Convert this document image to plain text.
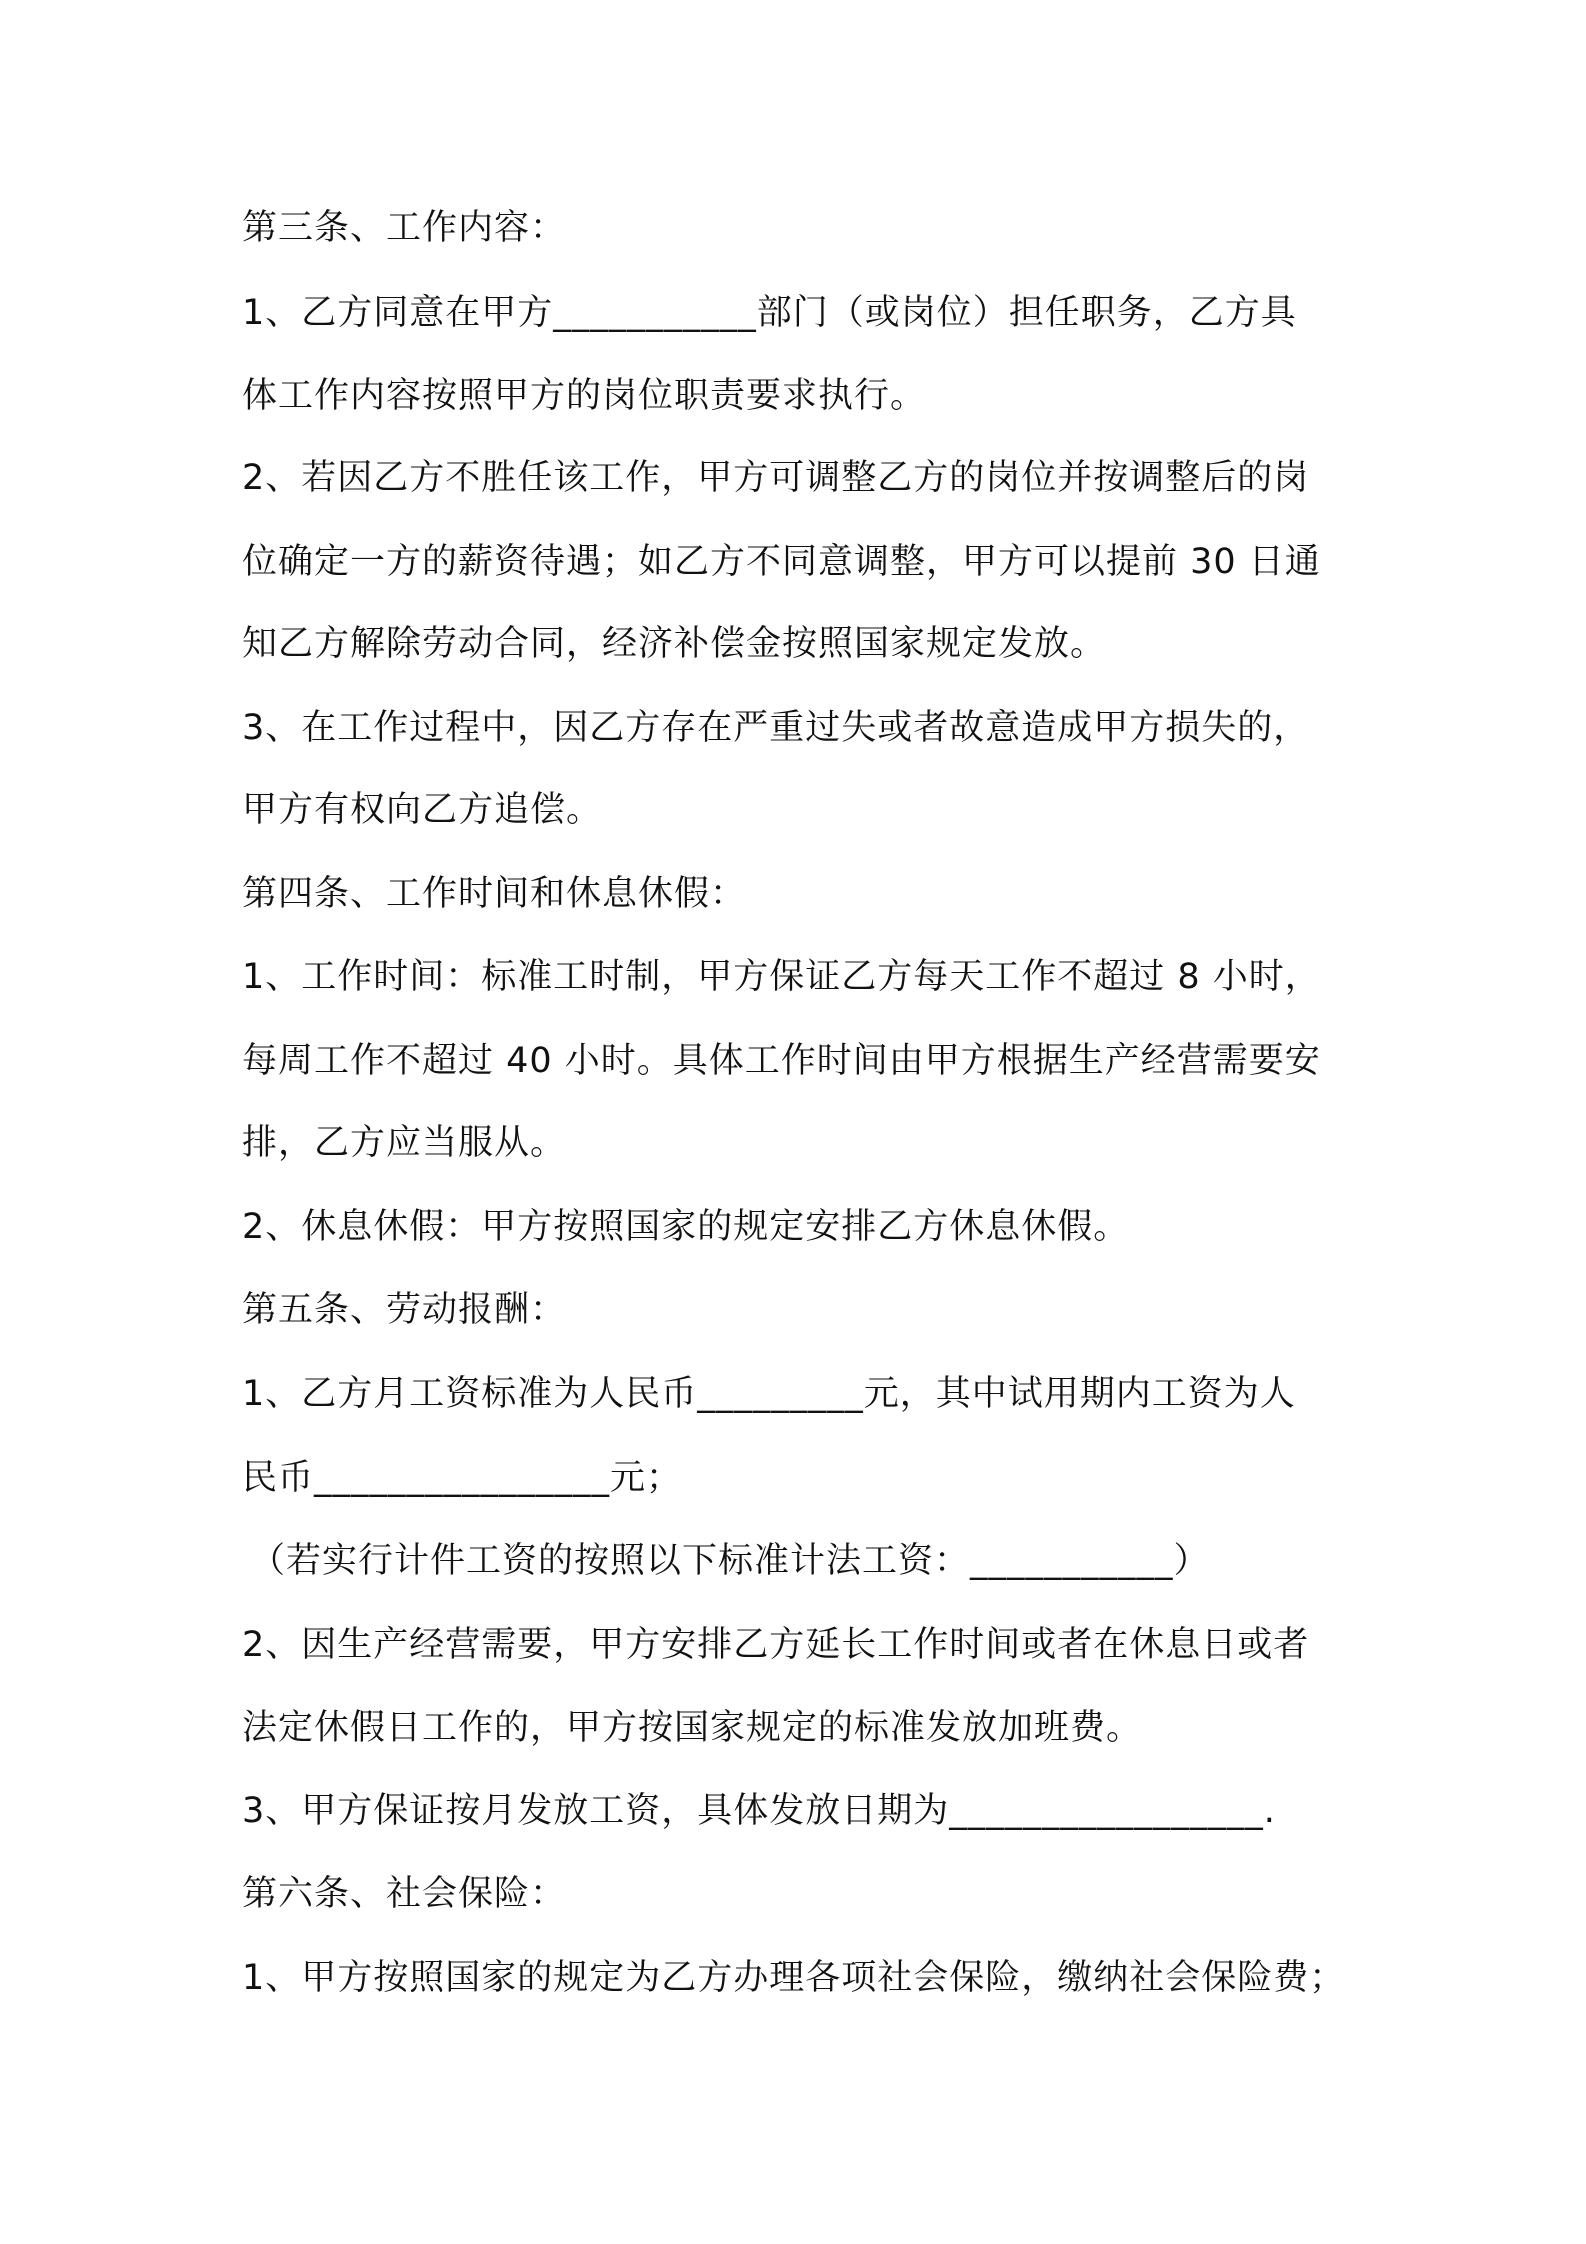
第三条、工作内容：
1、乙方同意在甲方___________部门（或岗位）担任职务，乙方具
体工作内容按照甲方的岗位职责要求执行。
2、若因乙方不胜任该工作，甲方可调整乙方的岗位并按调整后的岗
位确定一方的薪资待遇；如乙方不同意调整，甲方可以提前 30 日通
知乙方解除劳动合同，经济补偿金按照国家规定发放。
3、在工作过程中，因乙方存在严重过失或者故意造成甲方损失的，
甲方有权向乙方追偿。
第四条、工作时间和休息休假：
1、工作时间：标准工时制，甲方保证乙方每天工作不超过 8 小时，
每周工作不超过 40 小时。具体工作时间由甲方根据生产经营需要安
排，乙方应当服从。
2、休息休假：甲方按照国家的规定安排乙方休息休假。
第五条、劳动报酬：
1、乙方月工资标准为人民币_________元，其中试用期内工资为人
民币________________元；
（若实行计件工资的按照以下标准计法工资：___________）
2、因生产经营需要，甲方安排乙方延长工作时间或者在休息日或者
法定休假日工作的，甲方按国家规定的标准发放加班费。
3、甲方保证按月发放工资，具体发放日期为_________________.
第六条、社会保险：
1、甲方按照国家的规定为乙方办理各项社会保险，缴纳社会保险费；
